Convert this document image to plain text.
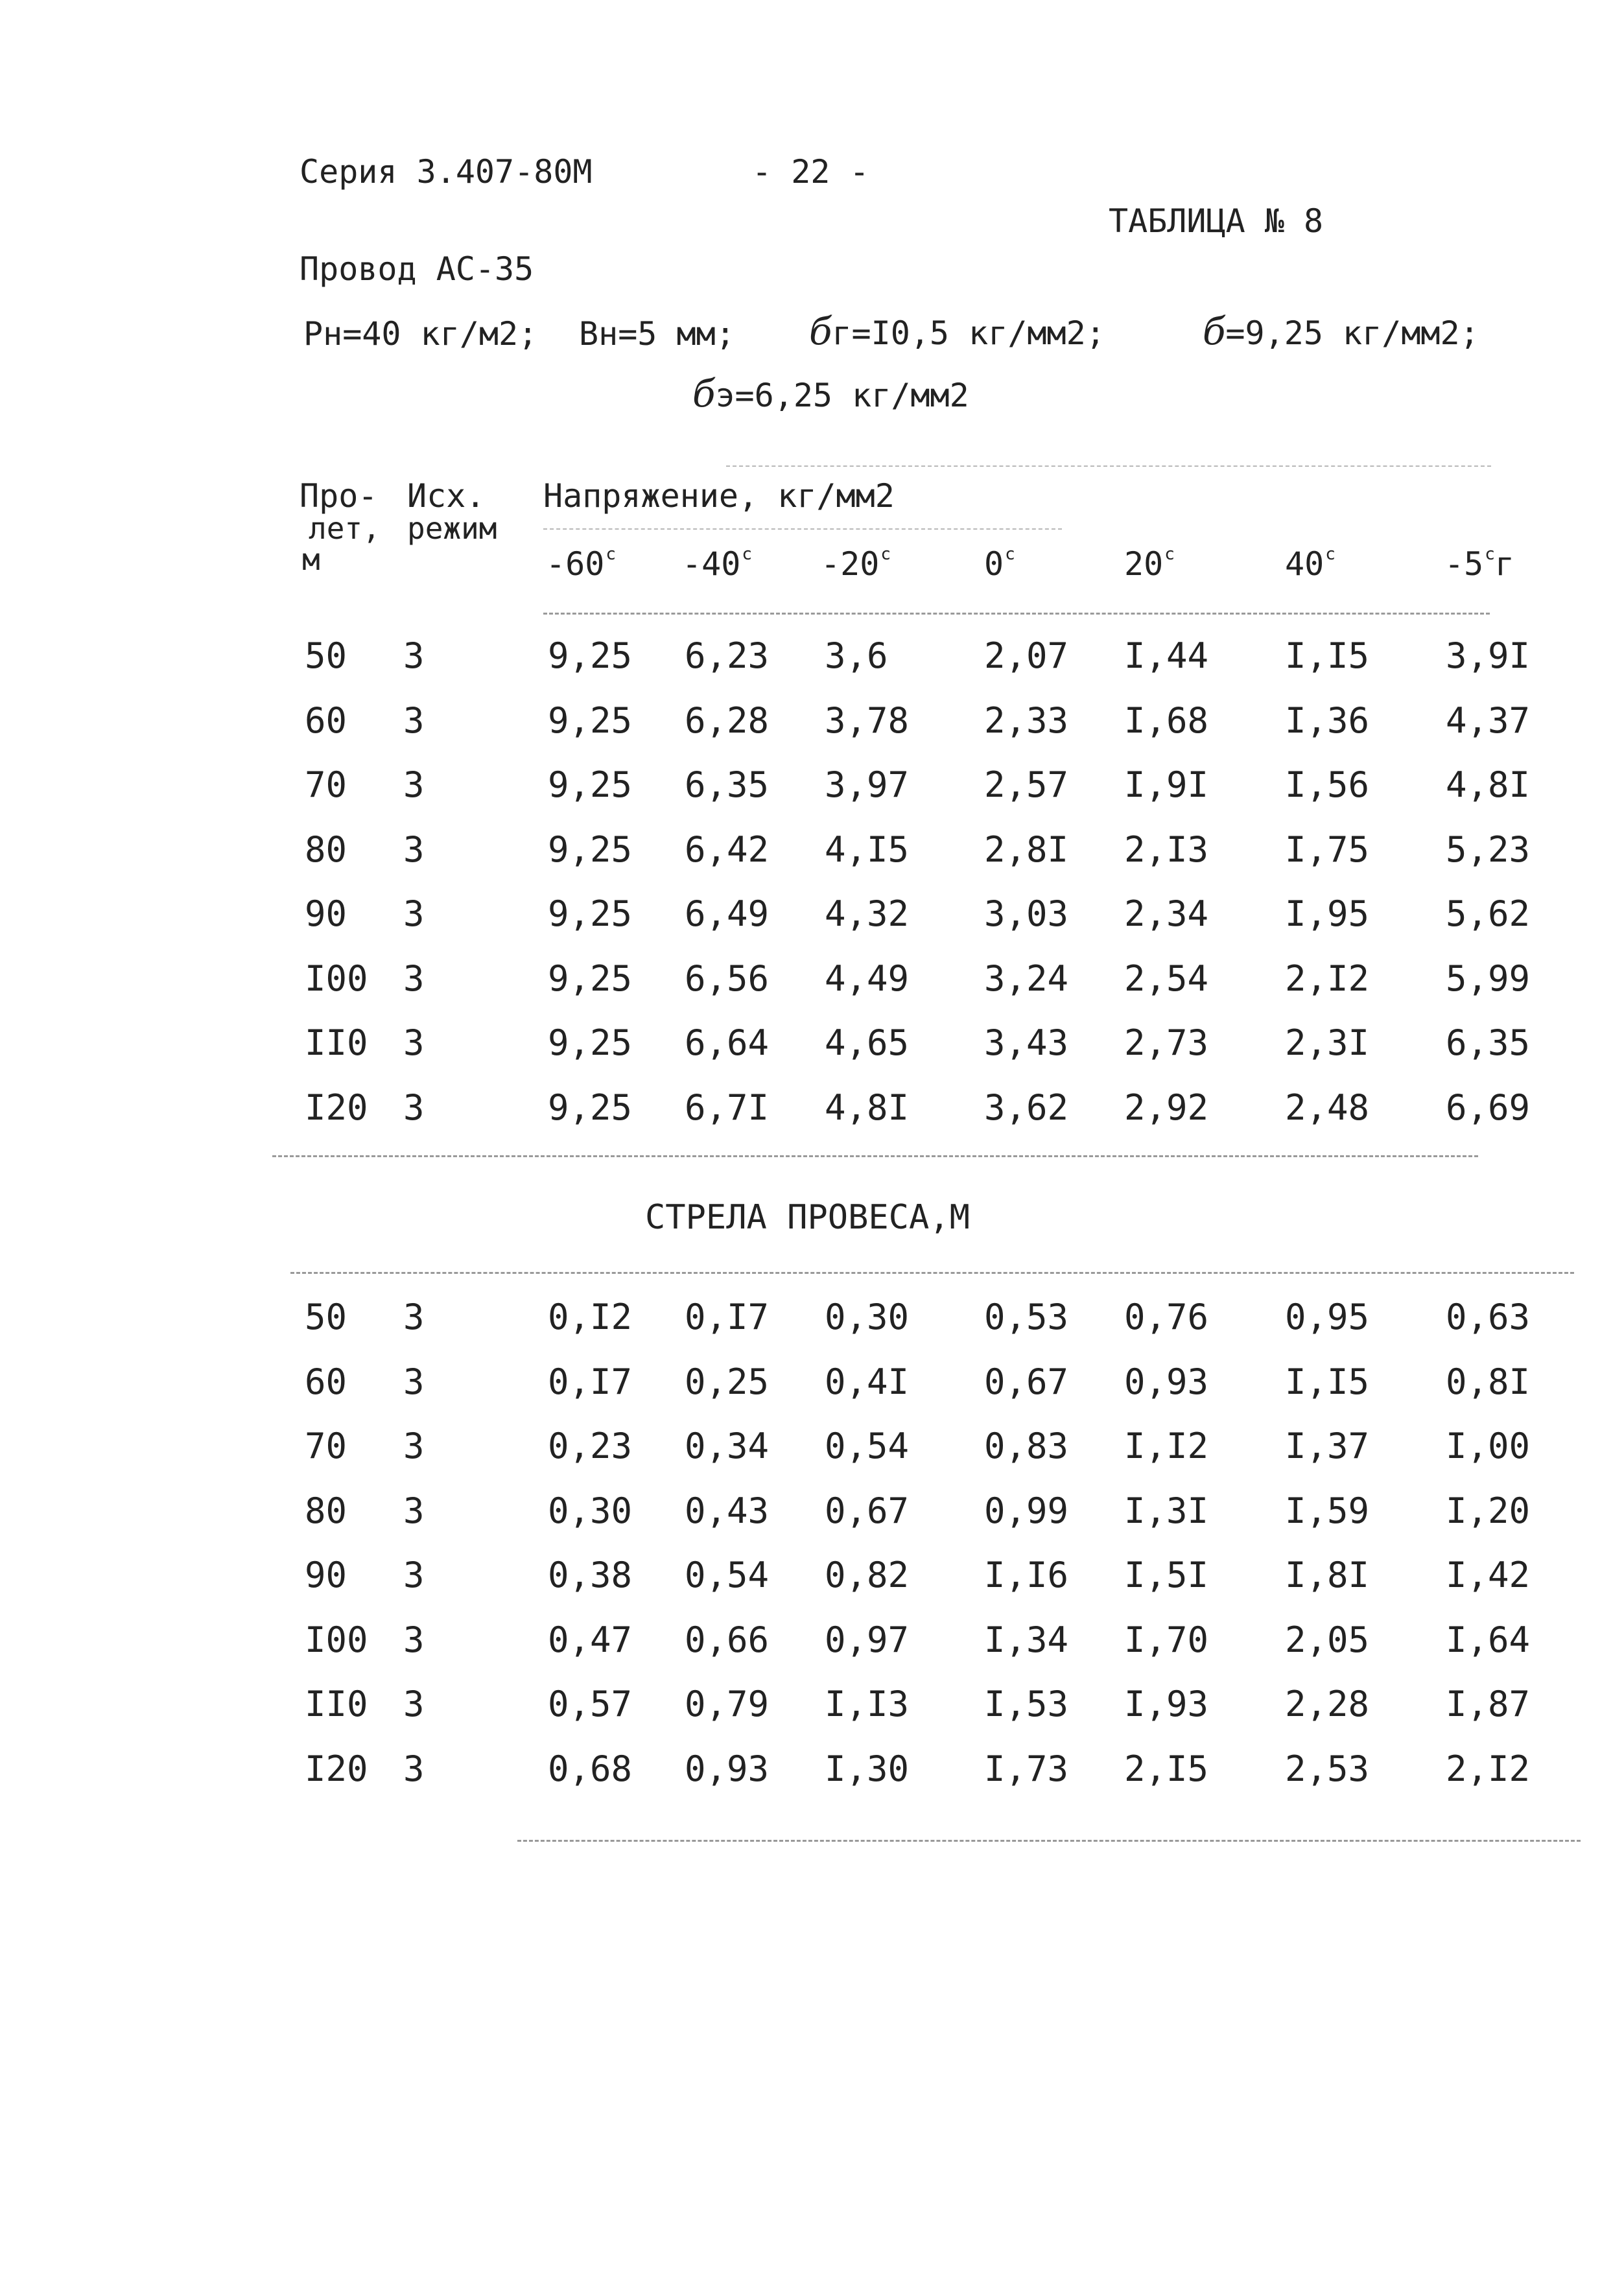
Серия 3.407-80М	- 22 -
ТАБЛИЦА № 8
Провод АС-35
Рн=40 кг/м2; Вн=5 мм; бг=I0,5 кг/мм2;	б=9,25 кг/мм2;
бэ=6,25 кг/мм2
Про-
лет,
м
Исх.
режим
Напряжение, кг/мм2
-60$^c$ -40$^c$ -20$^c$	0$^c$	20$^c$	40$^c$	-5$^c$г
50 3	9,25 6,23 3,6	2,07 I,44 I,I5 3,9I
60 3	9,25 6,28 3,78 2,33 I,68 I,36 4,37
70 3	9,25 6,35 3,97 2,57 I,9I I,56 4,8I
80 3	9,25 6,42 4,I5 2,8I 2,I3 I,75 5,23
90 3	9,25 6,49 4,32 3,03 2,34 I,95 5,62
I00 3	9,25 6,56 4,49 3,24 2,54 2,I2 5,99
II0 3	9,25 6,64 4,65 3,43 2,73 2,3I 6,35
I20 3	9,25 6,7I 4,8I 3,62 2,92 2,48 6,69
СТРЕЛА ПРОВЕСА,М
50 3	0,I2 0,I7 0,30 0,53 0,76 0,95 0,63
60 3	0,I7 0,25 0,4I 0,67 0,93 I,I5 0,8I
70 3	0,23 0,34 0,54 0,83 I,I2 I,37 I,00
80 3	0,30 0,43 0,67 0,99 I,3I I,59 I,20
90 3	0,38 0,54 0,82 I,I6 I,5I I,8I I,42
I00 3	0,47 0,66 0,97 I,34 I,70 2,05 I,64
II0 3	0,57 0,79 I,I3 I,53 I,93 2,28 I,87
I20 3	0,68 0,93 I,30 I,73 2,I5 2,53 2,I2
